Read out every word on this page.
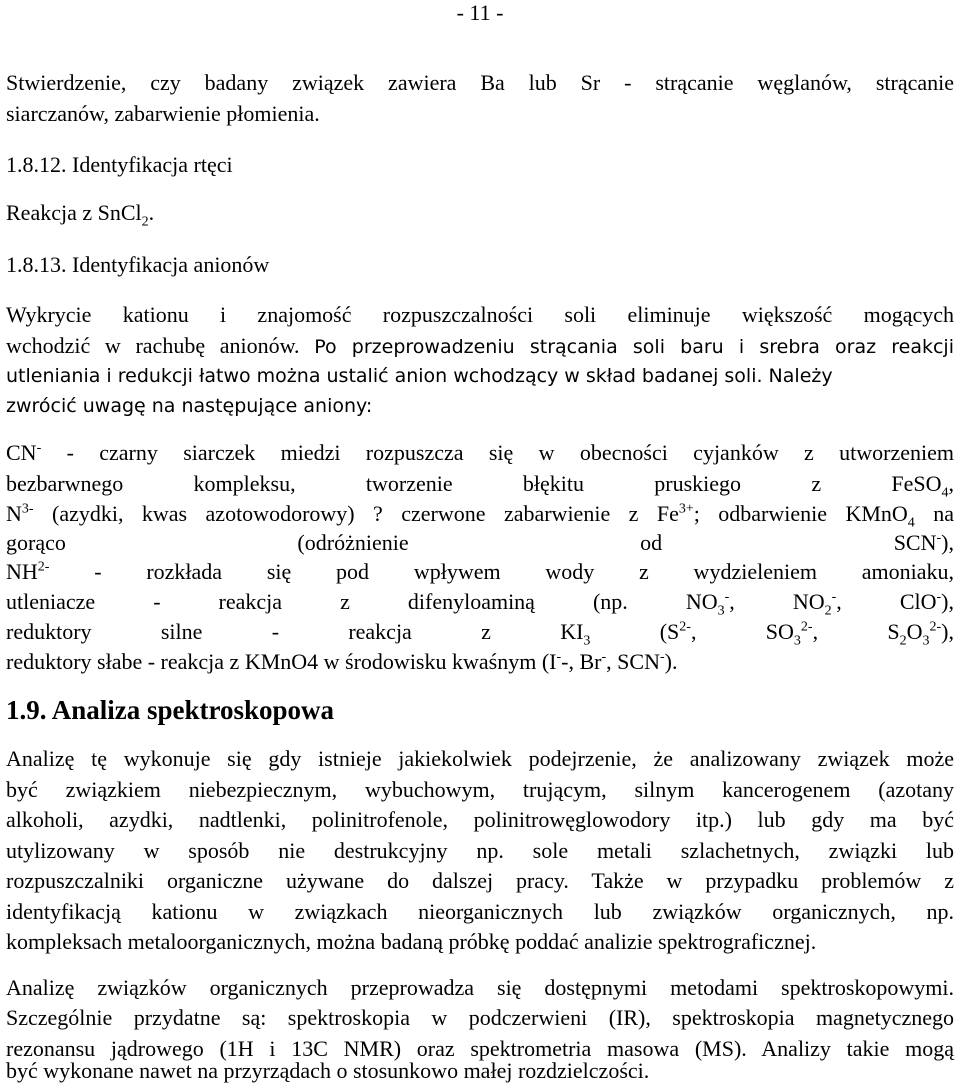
- 11 -
Stwierdzenie, czy badany związek zawiera Ba lub Sr - strącanie węglanów, strącanie
siarczanów, zabarwienie płomienia.
1.8.12. Identyfikacja rtęci
Reakcja z SnCl$_2$.
1.8.13. Identyfikacja anionów
Wykrycie kationu i znajomość rozpuszczalności soli eliminuje większość mogących
wchodzić w rachubę anionów. Po przeprowadzeniu strącania soli baru i srebra oraz reakcji
utleniania i redukcji łatwo można ustalić anion wchodzący w skład badanej soli. Należy
zwrócić uwagę na następujące aniony:
CN- - czarny siarczek miedzi rozpuszcza się w obecności cyjanków z utworzeniem
bezbarwnego kompleksu, tworzenie błękitu pruskiego z FeSO$_4$,
$N^{3-}$ (azydki, kwas azotowodorowy) ? czerwone zabarwienie z $Fe^{3+}$; odbarwienie KMnO$_4$ na
gorąco (odróżnienie od SCN-),
$NH^{2-}$ - rozkłada się pod wpływem wody z wydzieleniem amoniaku,
utleniacze - reakcja z difenyloaminą (np. $NO_3^-$, $NO_2^-$, ClO-),
reduktory silne - reakcja z $KI_3$ ($S^{2-}$, $SO_3^{2-}$, $S_2O_3^{2-}$),
reduktory słabe - reakcja z KMnO4 w środowisku kwaśnym (I--, Br-, SCN-).
1.9. Analiza spektroskopowa
Analizę tę wykonuje się gdy istnieje jakiekolwiek podejrzenie, że analizowany związek może
być związkiem niebezpiecznym, wybuchowym, trującym, silnym kancerogenem (azotany
alkoholi, azydki, nadtlenki, polinitrofenole, polinitrowęglowodory itp.) lub gdy ma być
utylizowany w sposób nie destrukcyjny np. sole metali szlachetnych, związki lub
rozpuszczalniki organiczne używane do dalszej pracy. Także w przypadku problemów z
identyfikacją kationu w związkach nieorganicznych lub związków organicznych, np.
kompleksach metaloorganicznych, można badaną próbkę poddać analizie spektrograficznej.
Analizę związków organicznych przeprowadza się dostępnymi metodami spektroskopowymi.
Szczególnie przydatne są: spektroskopia w podczerwieni (IR), spektroskopia magnetycznego
rezonansu jądrowego (1H i 13C NMR) oraz spektrometria masowa (MS). Analizy takie mogą
być wykonane nawet na przyrządach o stosunkowo małej rozdzielczości.
